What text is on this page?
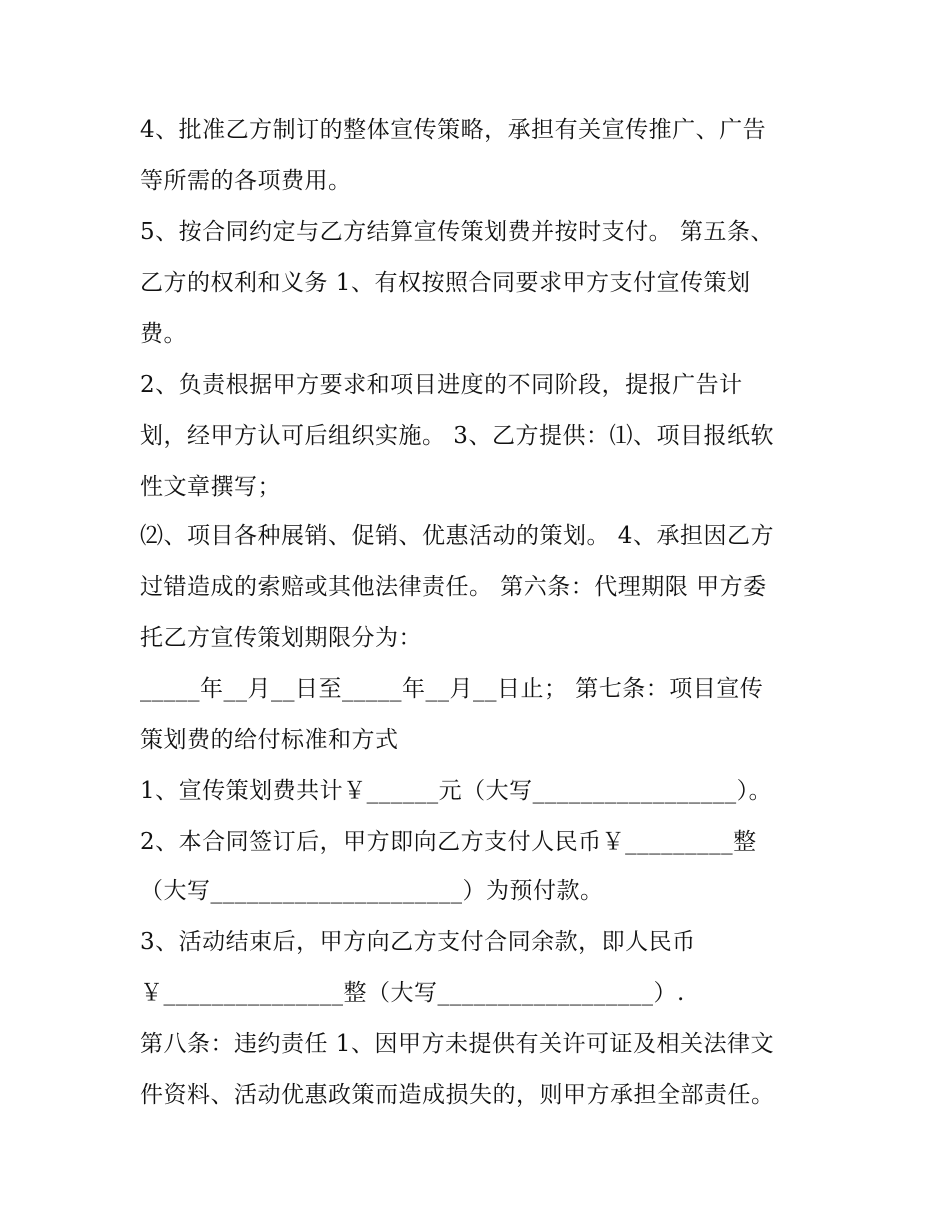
4、批准乙方制订的整体宣传策略，承担有关宣传推广、广告
等所需的各项费用。
5、按合同约定与乙方结算宣传策划费并按时支付。 第五条、
乙方的权利和义务 1、有权按照合同要求甲方支付宣传策划
费。
2、负责根据甲方要求和项目进度的不同阶段，提报广告计
划，经甲方认可后组织实施。 3、乙方提供：⑴、项目报纸软
性文章撰写；
⑵、项目各种展销、促销、优惠活动的策划。 4、承担因乙方
过错造成的索赔或其他法律责任。 第六条：代理期限 甲方委
托乙方宣传策划期限分为：
_____年__月__日至_____年__月__日止； 第七条：项目宣传
策划费的给付标准和方式
1、宣传策划费共计￥______元（大写_________________）。
2、本合同签订后，甲方即向乙方支付人民币￥_________整
（大写_____________________）为预付款。
3、活动结束后，甲方向乙方支付合同余款，即人民币
￥_______________整（大写__________________）.
第八条：违约责任 1、因甲方未提供有关许可证及相关法律文
件资料、活动优惠政策而造成损失的，则甲方承担全部责任。
